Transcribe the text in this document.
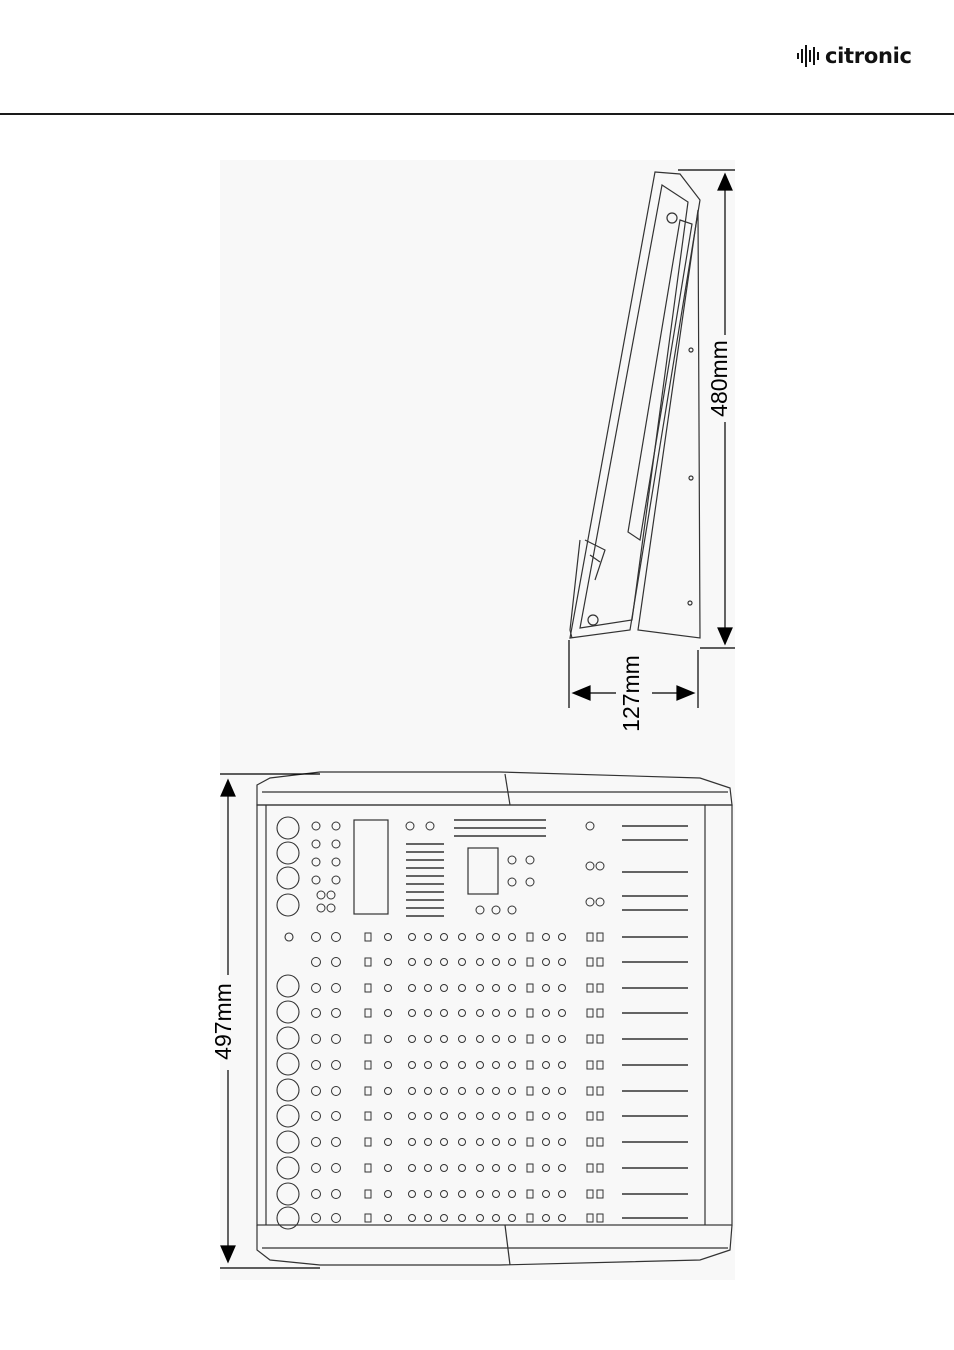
citronic
480mm
127mm
497mm
